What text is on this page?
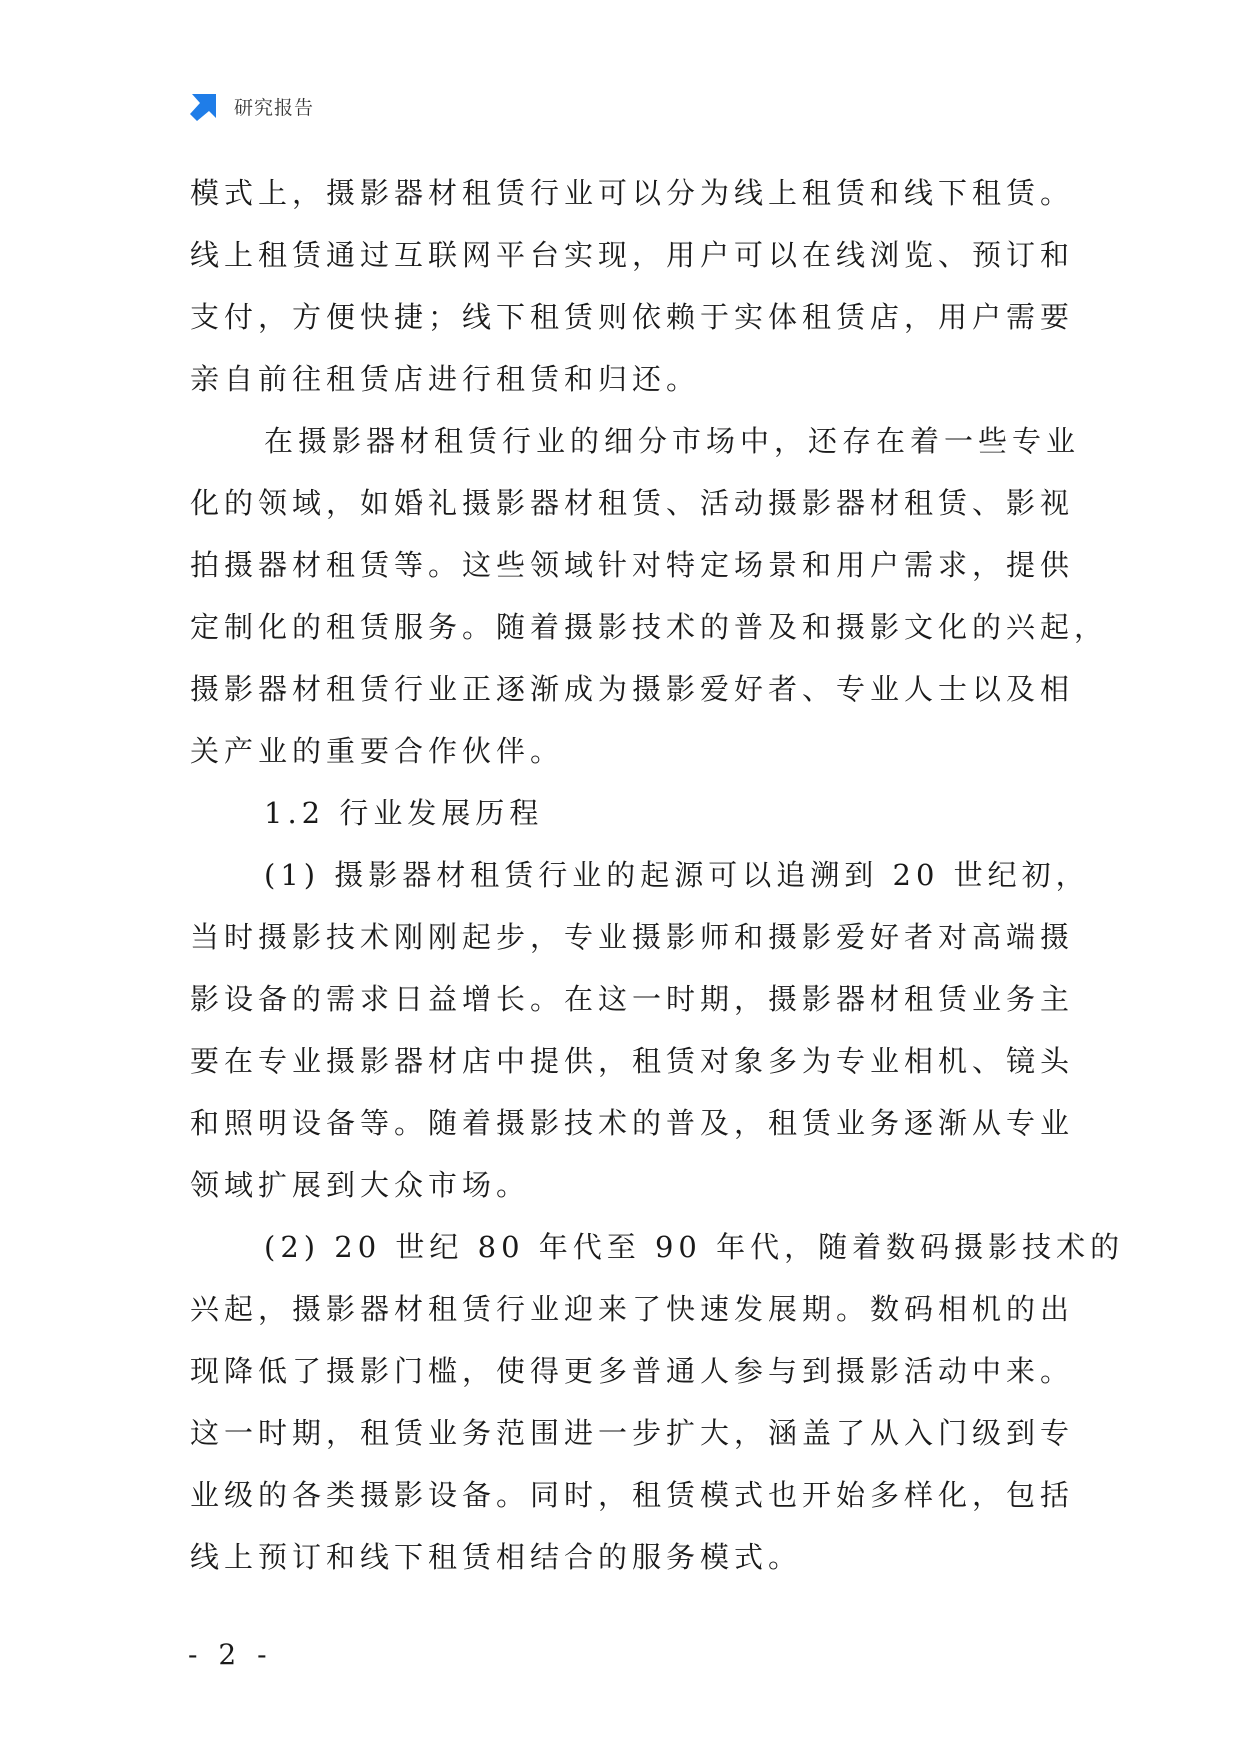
研究报告
模式上，摄影器材租赁行业可以分为线上租赁和线下租赁。
线上租赁通过互联网平台实现，用户可以在线浏览、预订和
支付，方便快捷；线下租赁则依赖于实体租赁店，用户需要
亲自前往租赁店进行租赁和归还。
在摄影器材租赁行业的细分市场中，还存在着一些专业
化的领域，如婚礼摄影器材租赁、活动摄影器材租赁、影视
拍摄器材租赁等。这些领域针对特定场景和用户需求，提供
定制化的租赁服务。随着摄影技术的普及和摄影文化的兴起，
摄影器材租赁行业正逐渐成为摄影爱好者、专业人士以及相
关产业的重要合作伙伴。
1.2 行业发展历程
(1) 摄影器材租赁行业的起源可以追溯到 20 世纪初，
当时摄影技术刚刚起步，专业摄影师和摄影爱好者对高端摄
影设备的需求日益增长。在这一时期，摄影器材租赁业务主
要在专业摄影器材店中提供，租赁对象多为专业相机、镜头
和照明设备等。随着摄影技术的普及，租赁业务逐渐从专业
领域扩展到大众市场。
(2) 20 世纪 80 年代至 90 年代，随着数码摄影技术的
兴起，摄影器材租赁行业迎来了快速发展期。数码相机的出
现降低了摄影门槛，使得更多普通人参与到摄影活动中来。
这一时期，租赁业务范围进一步扩大，涵盖了从入门级到专
业级的各类摄影设备。同时，租赁模式也开始多样化，包括
线上预订和线下租赁相结合的服务模式。
- 2 -
